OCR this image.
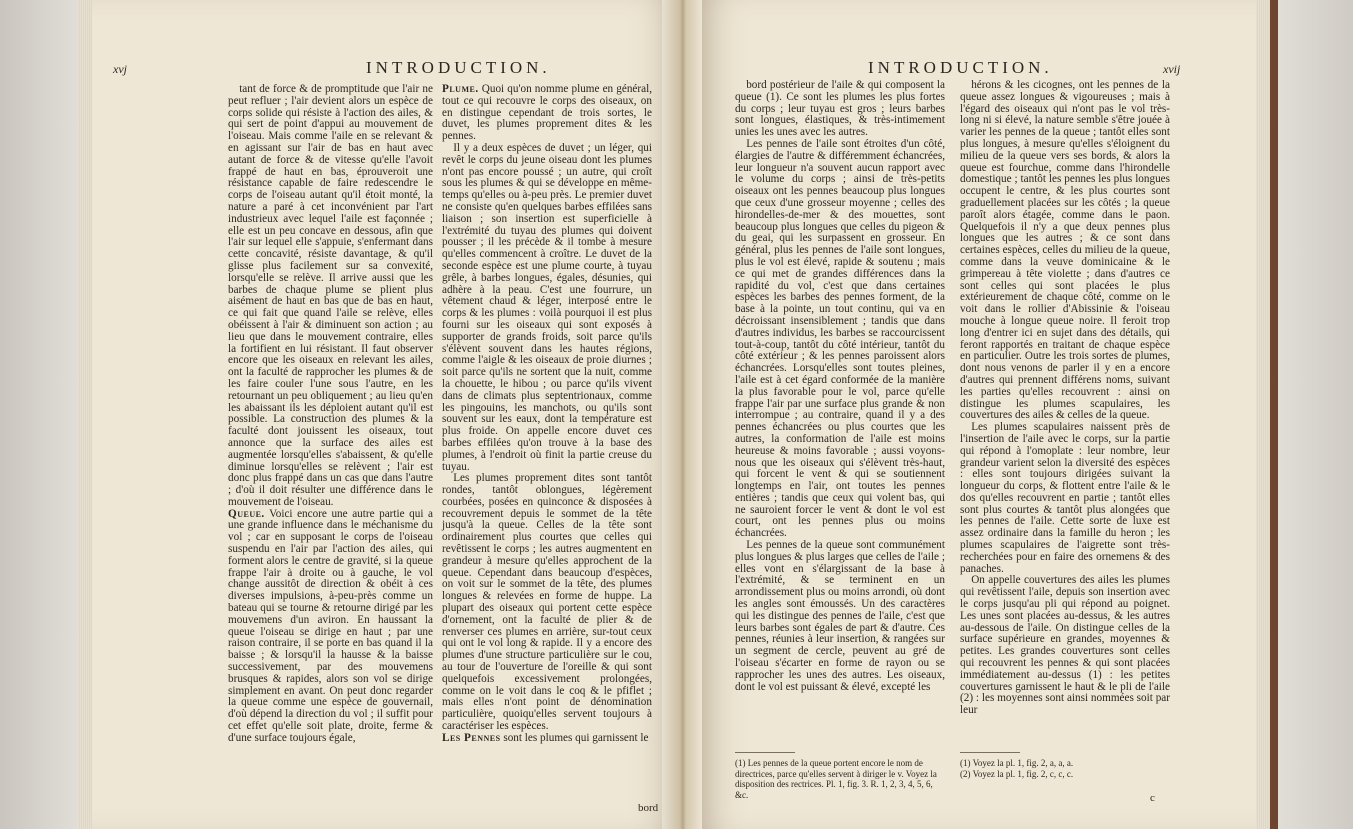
xvj	INTRODUCTION.

tant de force & de promptitude que l'air ne peut refluer ; l'air devient alors un espèce de corps solide qui résiste à l'action des ailes, & qui sert de point d'appui au mouvement de l'oiseau. Mais comme l'aile en se relevant & en agissant sur l'air de bas en haut avec autant de force & de vitesse qu'elle l'avoit frappé de haut en bas, éprouveroit une résistance capable de faire redescendre le corps de l'oiseau autant qu'il étoit monté, la nature a paré à cet inconvénient par l'art industrieux avec lequel l'aile est façonnée ; elle est un peu concave en dessous, afin que l'air sur lequel elle s'appuie, s'enfermant dans cette concavité, résiste davantage, & qu'il glisse plus facilement sur sa convexité, lorsqu'elle se relève. Il arrive aussi que les barbes de chaque plume se plient plus aisément de haut en bas que de bas en haut, ce qui fait que quand l'aile se relève, elles obéissent à l'air & diminuent son action ; au lieu que dans le mouvement contraire, elles la fortifient en lui résistant. Il faut observer encore que les oiseaux en relevant les ailes, ont la faculté de rapprocher les plumes & de les faire couler l'une sous l'autre, en les retournant un peu obliquement ; au lieu qu'en les abaissant ils les déploient autant qu'il est possible. La construction des plumes & la faculté dont jouissent les oiseaux, tout annonce que la surface des ailes est augmentée lorsqu'elles s'abaissent, & qu'elle diminue lorsqu'elles se relèvent ; l'air est donc plus frappé dans un cas que dans l'autre ; d'où il doit résulter une différence dans le mouvement de l'oiseau.

Queue. Voici encore une autre partie qui a une grande influence dans le méchanisme du vol ; car en supposant le corps de l'oiseau suspendu en l'air par l'action des ailes, qui forment alors le centre de gravité, si la queue frappe l'air à droite ou à gauche, le vol change aussitôt de direction & obéit à ces diverses impulsions, à-peu-près comme un bateau qui se tourne & retourne dirigé par les mouvemens d'un aviron. En haussant la queue l'oiseau se dirige en haut ; par une raison contraire, il se porte en bas quand il la baisse ; & lorsqu'il la hausse & la baisse successivement, par des mouvemens brusques & rapides, alors son vol se dirige simplement en avant. On peut donc regarder la queue comme une espèce de gouvernail, d'où dépend la direction du vol ; il suffit pour cet effet qu'elle soit plate, droite, ferme & d'une surface toujours égale,

Plume. Quoi qu'on nomme plume en général, tout ce qui recouvre le corps des oiseaux, on en distingue cependant de trois sortes, le duvet, les plumes proprement dites & les pennes.

Il y a deux espèces de duvet ; un léger, qui revêt le corps du jeune oiseau dont les plumes n'ont pas encore poussé ; un autre, qui croît sous les plumes & qui se développe en même-temps qu'elles ou à-peu près. Le premier duvet ne consiste qu'en quelques barbes effilées sans liaison ; son insertion est superficielle à l'extrémité du tuyau des plumes qui doivent pousser ; il les précède & il tombe à mesure qu'elles commencent à croître. Le duvet de la seconde espèce est une plume courte, à tuyau grêle, à barbes longues, égales, désunies, qui adhère à la peau. C'est une fourrure, un vêtement chaud & léger, interposé entre le corps & les plumes : voilà pourquoi il est plus fourni sur les oiseaux qui sont exposés à supporter de grands froids, soit parce qu'ils s'élèvent souvent dans les hautes régions, comme l'aigle & les oiseaux de proie diurnes ; soit parce qu'ils ne sortent que la nuit, comme la chouette, le hibou ; ou parce qu'ils vivent dans de climats plus septentrionaux, comme les pingouins, les manchots, ou qu'ils sont souvent sur les eaux, dont la température est plus froide. On appelle encore duvet ces barbes effilées qu'on trouve à la base des plumes, à l'endroit où finit la partie creuse du tuyau.

Les plumes proprement dites sont tantôt rondes, tantôt oblongues, légèrement courbées, posées en quinconce & disposées à recouvrement depuis le sommet de la tête jusqu'à la queue. Celles de la tête sont ordinairement plus courtes que celles qui revêtissent le corps ; les autres augmentent en grandeur à mesure qu'elles approchent de la queue. Cependant dans beaucoup d'espèces, on voit sur le sommet de la tête, des plumes longues & relevées en forme de huppe. La plupart des oiseaux qui portent cette espèce d'ornement, ont la faculté de plier & de renverser ces plumes en arrière, sur-tout ceux qui ont le vol long & rapide. Il y a encore des plumes d'une structure particulière sur le cou, au tour de l'ouverture de l'oreille & qui sont quelquefois excessivement prolongées, comme on le voit dans le coq & le pfiflet ; mais elles n'ont point de dénomination particulière, quoiqu'elles servent toujours à caractériser les espèces.

Les Pennes sont les plumes qui garnissent le

bord
INTRODUCTION.	xvij

bord postérieur de l'aile & qui composent la queue (1). Ce sont les plumes les plus fortes du corps ; leur tuyau est gros ; leurs barbes sont longues, élastiques, & très-intimement unies les unes avec les autres.

Les pennes de l'aile sont étroites d'un côté, élargies de l'autre & différemment échancrées, leur longueur n'a souvent aucun rapport avec le volume du corps ; ainsi de très-petits oiseaux ont les pennes beaucoup plus longues que ceux d'une grosseur moyenne ; celles des hirondelles-de-mer & des mouettes, sont beaucoup plus longues que celles du pigeon & du geai, qui les surpassent en grosseur. En général, plus les pennes de l'aile sont longues, plus le vol est élevé, rapide & soutenu ; mais ce qui met de grandes différences dans la rapidité du vol, c'est que dans certaines espèces les barbes des pennes forment, de la base à la pointe, un tout continu, qui va en décroissant insensiblement ; tandis que dans d'autres individus, les barbes se raccourcissent tout-à-coup, tantôt du côté intérieur, tantôt du côté extérieur ; & les pennes paroissent alors échancrées. Lorsqu'elles sont toutes pleines, l'aile est à cet égard conformée de la manière la plus favorable pour le vol, parce qu'elle frappe l'air par une surface plus grande & non interrompue ; au contraire, quand il y a des pennes échancrées ou plus courtes que les autres, la conformation de l'aile est moins heureuse & moins favorable ; aussi voyons-nous que les oiseaux qui s'élèvent très-haut, qui forcent le vent & qui se soutiennent longtemps en l'air, ont toutes les pennes entières ; tandis que ceux qui volent bas, qui ne sauroient forcer le vent & dont le vol est court, ont les pennes plus ou moins échancrées.

Les pennes de la queue sont communément plus longues & plus larges que celles de l'aile ; elles vont en s'élargissant de la base à l'extrémité, & se terminent en un arrondissement plus ou moins arrondi, où dont les angles sont émoussés. Un des caractères qui les distingue des pennes de l'aile, c'est que leurs barbes sont égales de part & d'autre. Ces pennes, réunies à leur insertion, & rangées sur un segment de cercle, peuvent au gré de l'oiseau s'écarter en forme de rayon ou se rapprocher les unes des autres. Les oiseaux, dont le vol est puissant & élevé, excepté les

(1) Les pennes de la queue portent encore le nom de directrices, parce qu'elles servent à diriger le v. Voyez la disposition des rectrices. Pl. 1, fig. 3. R. 1, 2, 3, 4, 5, 6, &c.

hérons & les cicognes, ont les pennes de la queue assez longues & vigoureuses ; mais à l'égard des oiseaux qui n'ont pas le vol très-long ni si élevé, la nature semble s'être jouée à varier les pennes de la queue ; tantôt elles sont plus longues, à mesure qu'elles s'éloignent du milieu de la queue vers ses bords, & alors la queue est fourchue, comme dans l'hirondelle domestique ; tantôt les pennes les plus longues occupent le centre, & les plus courtes sont graduellement placées sur les côtés ; la queue paroît alors étagée, comme dans le paon. Quelquefois il n'y a que deux pennes plus longues que les autres ; & ce sont dans certaines espèces, celles du milieu de la queue, comme dans la veuve dominicaine & le grimpereau à tête violette ; dans d'autres ce sont celles qui sont placées le plus extérieurement de chaque côté, comme on le voit dans le rollier d'Abissinie & l'oiseau mouche à longue queue noire. Il feroit trop long d'entrer ici en sujet dans des détails, qui feront rapportés en traitant de chaque espèce en particulier. Outre les trois sortes de plumes, dont nous venons de parler il y en a encore d'autres qui prennent différens noms, suivant les parties qu'elles recouvrent : ainsi on distingue les plumes scapulaires, les couvertures des ailes & celles de la queue.

Les plumes scapulaires naissent près de l'insertion de l'aile avec le corps, sur la partie qui répond à l'omoplate : leur nombre, leur grandeur varient selon la diversité des espèces : elles sont toujours dirigées suivant la longueur du corps, & flottent entre l'aile & le dos qu'elles recouvrent en partie ; tantôt elles sont plus courtes & tantôt plus alongées que les pennes de l'aile. Cette sorte de luxe est assez ordinaire dans la famille du heron ; les plumes scapulaires de l'aigrette sont très-recherchées pour en faire des ornemens & des panaches.

On appelle couvertures des ailes les plumes qui revêtissent l'aile, depuis son insertion avec le corps jusqu'au pli qui répond au poignet. Les unes sont placées au-dessus, & les autres au-dessous de l'aile. On distingue celles de la surface supérieure en grandes, moyennes & petites. Les grandes couvertures sont celles qui recouvrent les pennes & qui sont placées immédiatement au-dessus (1) : les petites couvertures garnissent le haut & le pli de l'aile (2) : les moyennes sont ainsi nommées soit par leur

(1) Voyez la pl. 1, fig. 2, a, a, a.
(2) Voyez la pl. 1, fig. 2, c, c, c.
c
